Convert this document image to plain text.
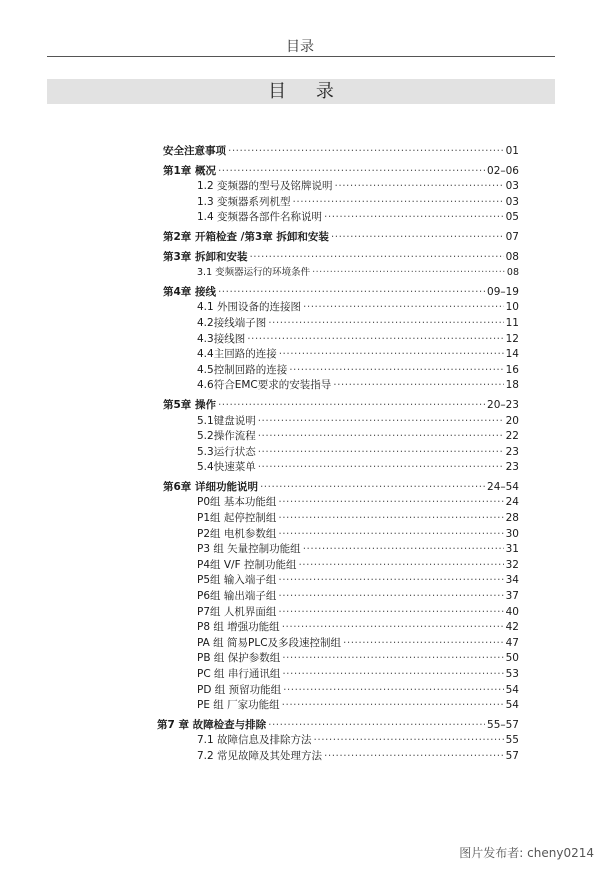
目录
目 录
安全注意事项 ·····	01
第1章 概况 ·····	02–06
1.2 变频器的型号及铭牌说明 ·····	03
1.3 变频器系列机型 ·····	03
1.4 变频器各部件名称说明 ·····	05
第2章 开箱检查 /第3章 拆卸和安装 ·····	07
第3章 拆卸和安装 ·····	08
3.1 变频器运行的环境条件 ·····	08
第4章 接线 ·····	09–19
4.1 外围设备的连接图 ·····	10
4.2接线端子图 ·····	11
4.3接线图 ·····	12
4.4主回路的连接 ·····	14
4.5控制回路的连接 ·····	16
4.6符合EMC要求的安装指导 ·····	18
第5章 操作 ·····	20–23
5.1键盘说明 ·····	20
5.2操作流程 ·····	22
5.3运行状态 ·····	23
5.4快速菜单 ·····	23
第6章 详细功能说明 ·····	24–54
P0组 基本功能组 ·····	24
P1组 起停控制组 ·····	28
P2组 电机参数组 ·····	30
P3 组 矢量控制功能组 ·····	31
P4组 V/F 控制功能组 ·····	32
P5组 输入端子组 ·····	34
P6组 输出端子组 ·····	37
P7组 人机界面组 ·····	40
P8 组 增强功能组 ·····	42
PA 组 简易PLC及多段速控制组 ·····	47
PB 组 保护参数组 ·····	50
PC 组 串行通讯组 ·····	53
PD 组 预留功能组 ·····	54
PE 组 厂家功能组 ·····	54
第7 章 故障检查与排除 ·····	55–57
7.1 故障信息及排除方法 ·····	55
7.2 常见故障及其处理方法 ·····	57
图片发布者: cheny0214
